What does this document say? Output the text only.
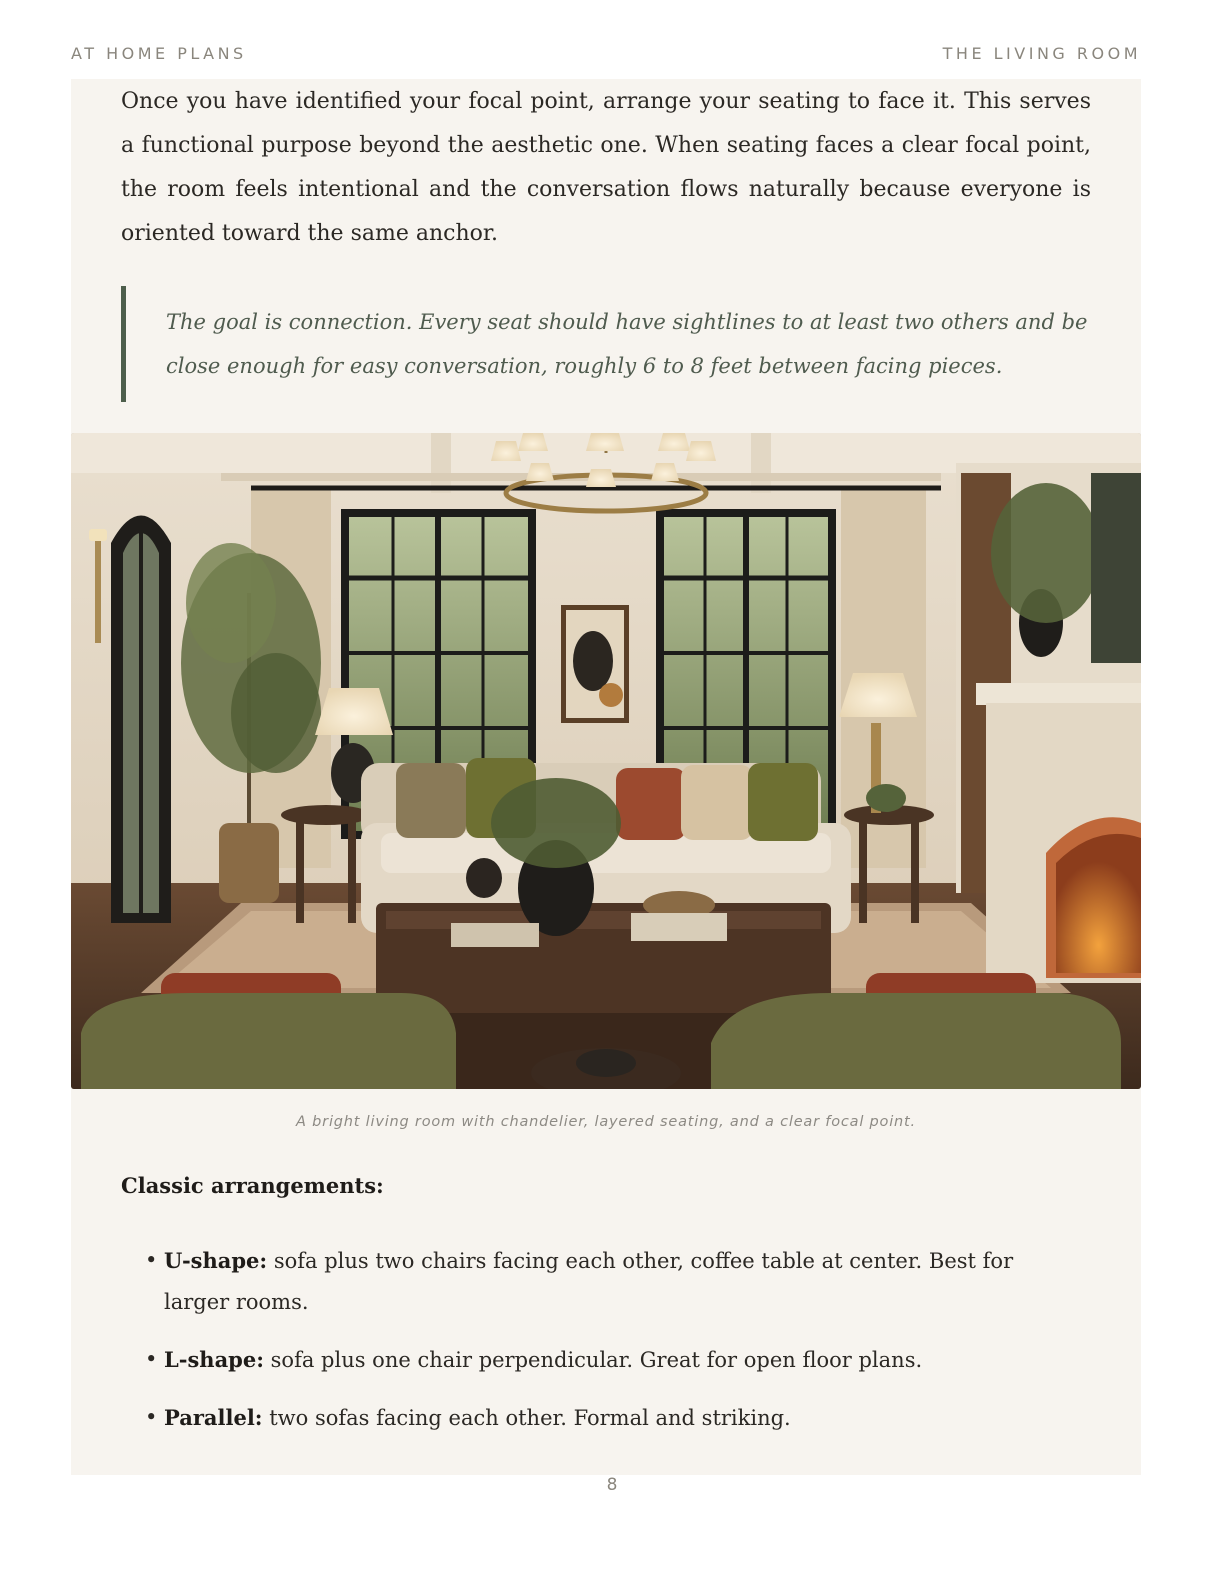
AT HOME PLANS	THE LIVING ROOM

Once you have identified your focal point, arrange your seating to face it. This serves a functional purpose beyond the aesthetic one. When seating faces a clear focal point, the room feels intentional and the conversation flows naturally because everyone is oriented toward the same anchor.

The goal is connection. Every seat should have sightlines to at least two others and be close enough for easy conversation, roughly 6 to 8 feet between facing pieces.

A bright living room with chandelier, layered seating, and a clear focal point.
Classic arrangements:
• U-shape: sofa plus two chairs facing each other, coffee table at center. Best for larger rooms.
• L-shape: sofa plus one chair perpendicular. Great for open floor plans.
• Parallel: two sofas facing each other. Formal and striking.
8
